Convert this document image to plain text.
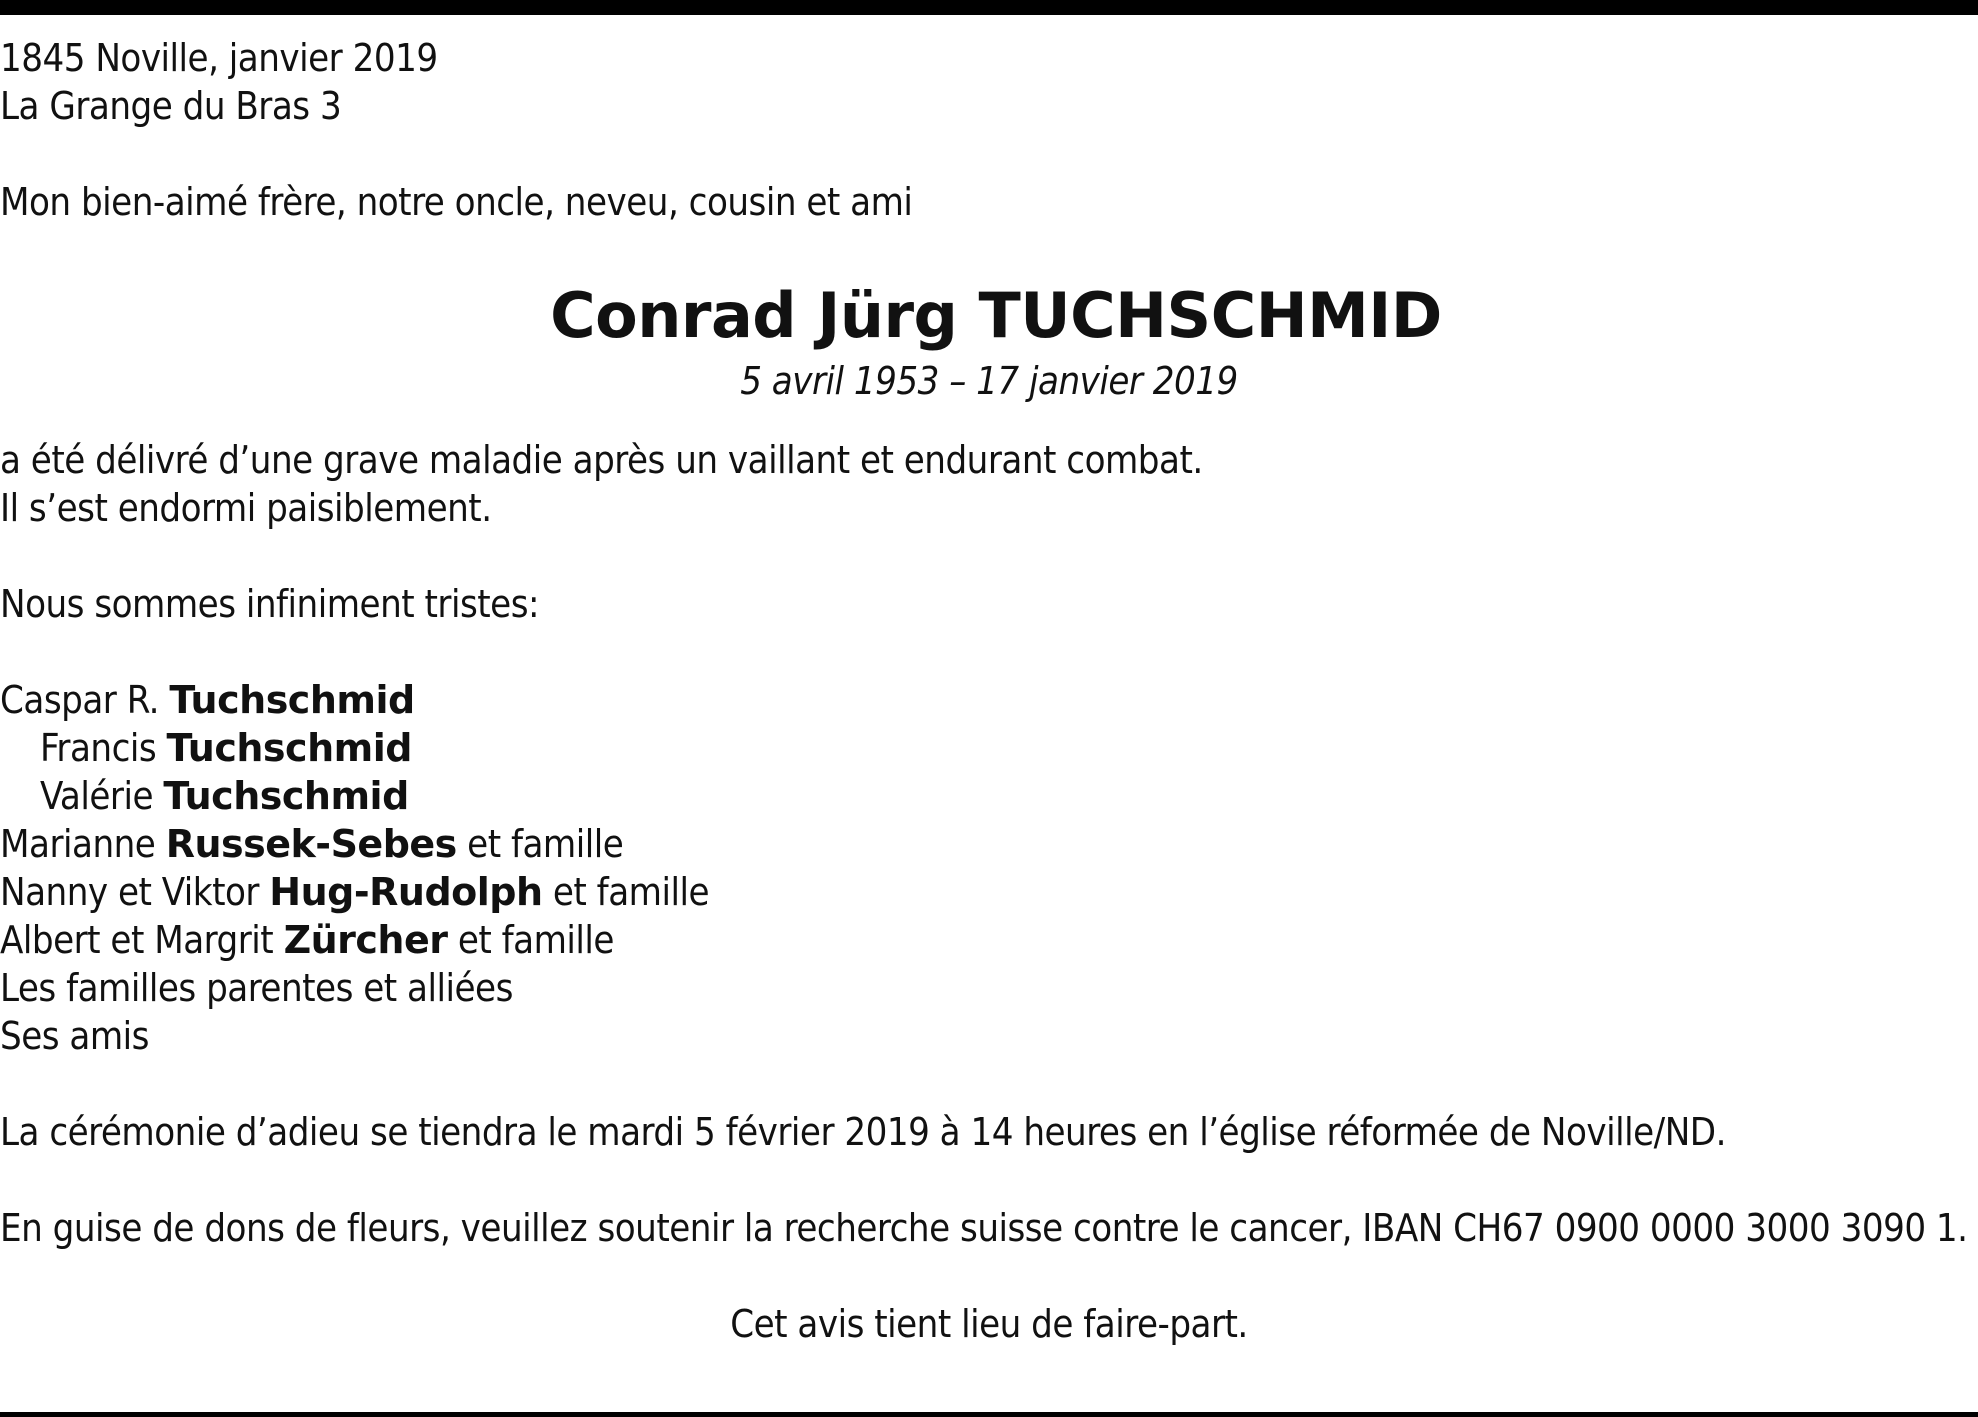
1845 Noville, janvier 2019
La Grange du Bras 3
Mon bien-aimé frère, notre oncle, neveu, cousin et ami
Conrad Jürg TUCHSCHMID
5 avril 1953 – 17 janvier 2019
a été délivré d’une grave maladie après un vaillant et endurant combat.
Il s’est endormi paisiblement.
Nous sommes infiniment tristes:
Caspar R. Tuchschmid
Francis Tuchschmid
Valérie Tuchschmid
Marianne Russek-Sebes et famille
Nanny et Viktor Hug-Rudolph et famille
Albert et Margrit Zürcher et famille
Les familles parentes et alliées
Ses amis
La cérémonie d’adieu se tiendra le mardi 5 février 2019 à 14 heures en l’église réformée de Noville/ND.
En guise de dons de fleurs, veuillez soutenir la recherche suisse contre le cancer, IBAN CH67 0900 0000 3000 3090 1.
Cet avis tient lieu de faire-part.
